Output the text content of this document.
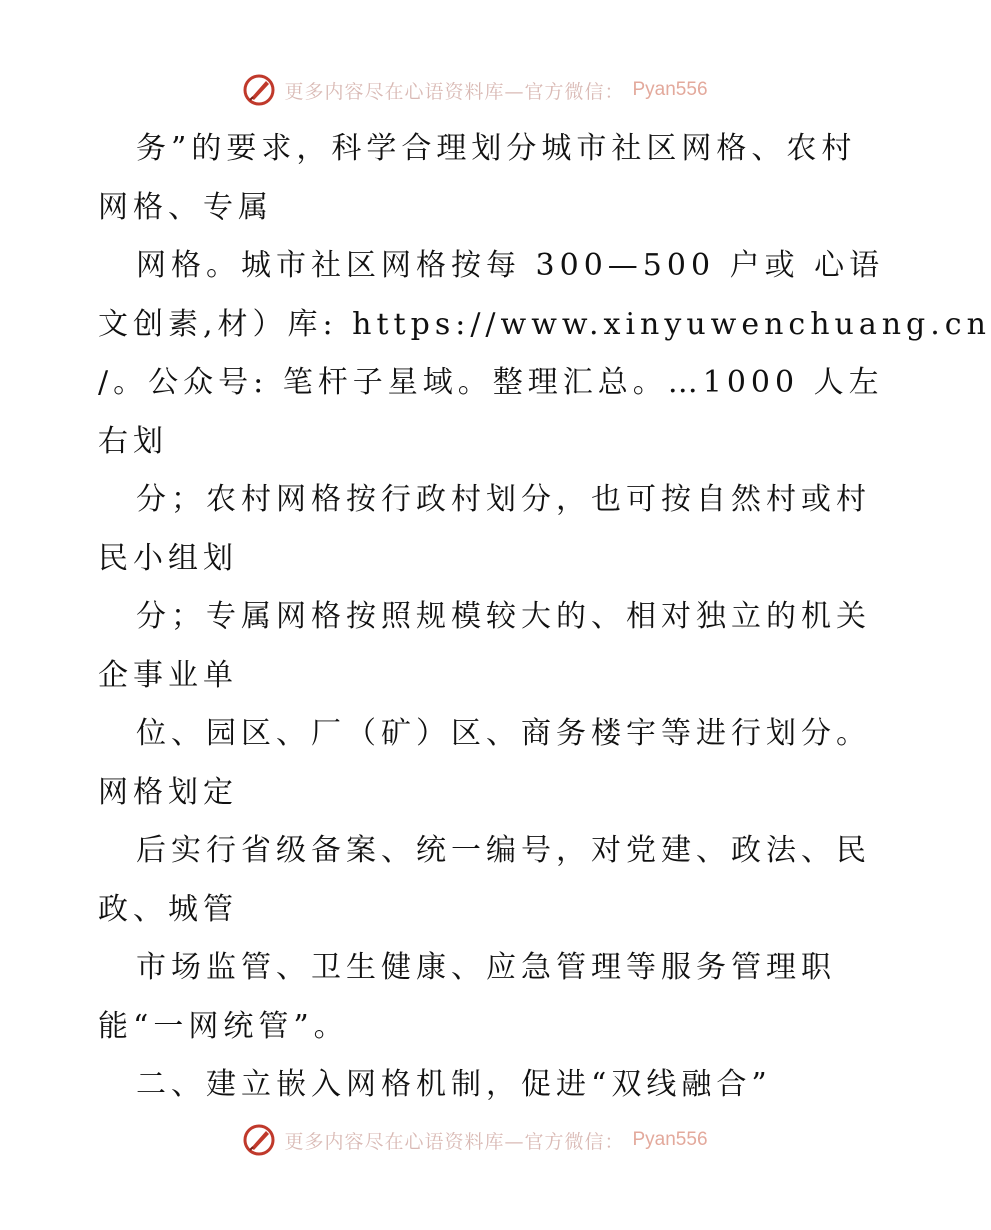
更多内容尽在心语资料库—官方微信： Pyan556
务”的要求，科学合理划分城市社区网格、农村
网格、专属
网格。城市社区网格按每 300—500 户或 心语
文创素,材）库: https://www.xinyuwenchuang.cn
/。公众号: 笔杆子星域。整理汇总。…1000 人左
右划
分；农村网格按行政村划分，也可按自然村或村
民小组划
分；专属网格按照规模较大的、相对独立的机关
企事业单
位、园区、厂（矿）区、商务楼宇等进行划分。
网格划定
后实行省级备案、统一编号，对党建、政法、民
政、城管
市场监管、卫生健康、应急管理等服务管理职
能“一网统管”。
二、建立嵌入网格机制，促进“双线融合”
更多内容尽在心语资料库—官方微信： Pyan556
